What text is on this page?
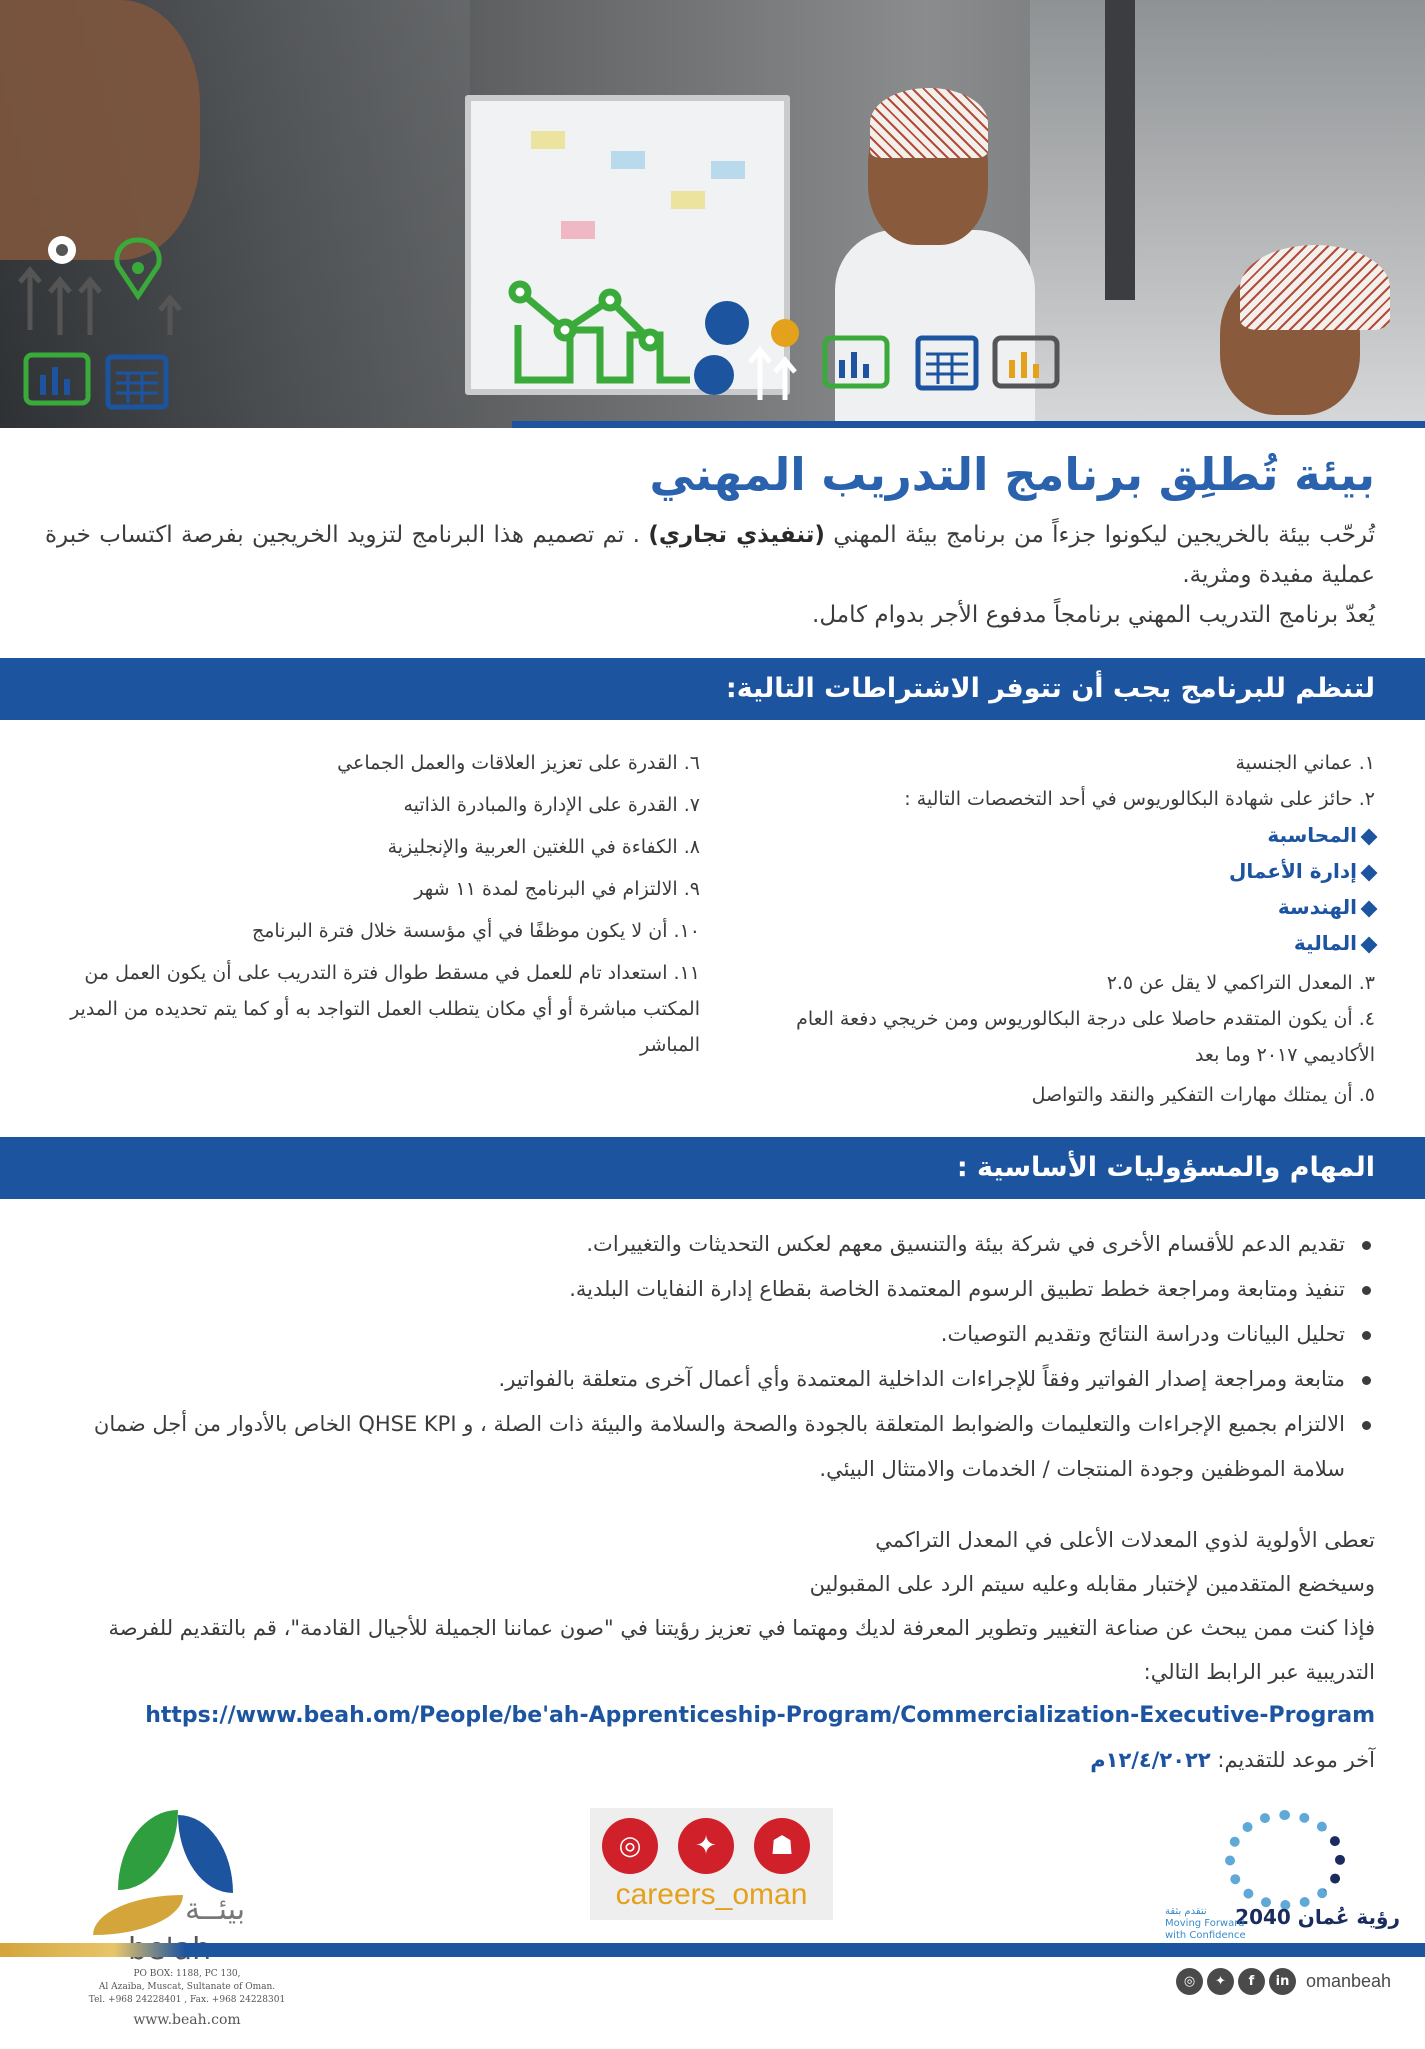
بيئة تُطلِق برنامج التدريب المهني

تُرحّب بيئة بالخريجين ليكونوا جزءاً من برنامج بيئة المهني (تنفيذي تجاري) . تم تصميم هذا البرنامج لتزويد الخريجين بفرصة اكتساب خبرة عملية مفيدة ومثرية.

يُعدّ برنامج التدريب المهني برنامجاً مدفوع الأجر بدوام كامل.

لتنظم للبرنامج يجب أن تتوفر الاشتراطات التالية:
١. عماني الجنسية
٢. حائز على شهادة البكالوريوس في أحد التخصصات التالية :
المحاسبة
إدارة الأعمال
الهندسة
المالية
٣. المعدل التراكمي لا يقل عن ٢.٥
٤. أن يكون المتقدم حاصلا على درجة البكالوريوس ومن خريجي دفعة العام الأكاديمي ٢٠١٧ وما بعد
٥. أن يمتلك مهارات التفكير والنقد والتواصل
٦. القدرة على تعزيز العلاقات والعمل الجماعي
٧. القدرة على الإدارة والمبادرة الذاتيه
٨. الكفاءة في اللغتين العربية والإنجليزية
٩. الالتزام في البرنامج لمدة ١١ شهر
١٠. أن لا يكون موظفًا في أي مؤسسة خلال فترة البرنامج
١١. استعداد تام للعمل في مسقط طوال فترة التدريب على أن يكون العمل من المكتب مباشرة أو أي مكان يتطلب العمل التواجد به أو كما يتم تحديده من المدير المباشر
المهام والمسؤوليات الأساسية :
تقديم الدعم للأقسام الأخرى في شركة بيئة والتنسيق معهم لعكس التحديثات والتغييرات.
تنفيذ ومتابعة ومراجعة خطط تطبيق الرسوم المعتمدة الخاصة بقطاع إدارة النفايات البلدية.
تحليل البيانات ودراسة النتائج وتقديم التوصيات.
متابعة ومراجعة إصدار الفواتير وفقاً للإجراءات الداخلية المعتمدة وأي أعمال آخرى متعلقة بالفواتير.
الالتزام بجميع الإجراءات والتعليمات والضوابط المتعلقة بالجودة والصحة والسلامة والبيئة ذات الصلة ، و QHSE KPI الخاص بالأدوار من أجل ضمان سلامة الموظفين وجودة المنتجات / الخدمات والامتثال البيئي.
تعطى الأولوية لذوي المعدلات الأعلى في المعدل التراكمي
وسيخضع المتقدمين لإختبار مقابله وعليه سيتم الرد على المقبولين
فإذا كنت ممن يبحث عن صناعة التغيير وتطوير المعرفة لديك ومهتما في تعزيز رؤيتنا في "صون عماننا الجميلة للأجيال القادمة"، قم بالتقديم للفرصة التدريبية عبر الرابط التالي:
https://www.beah.om/People/be'ah-Apprenticeship-Program/Commercialization-Executive-Program
آخر موعد للتقديم: ١٢/٤/٢٠٢٢م
بيئــة
◎	✦	☗
careers_oman
رؤية عُمان 2040
نتقدم بثقة
Moving Forward
with Confidence
PO BOX: 1188, PC 130,
Al Azaiba, Muscat, Sultanate of Oman.
Tel. +968 24228401 , Fax. +968 24228301
www.beah.com
◎	✦	f	in omanbeah
